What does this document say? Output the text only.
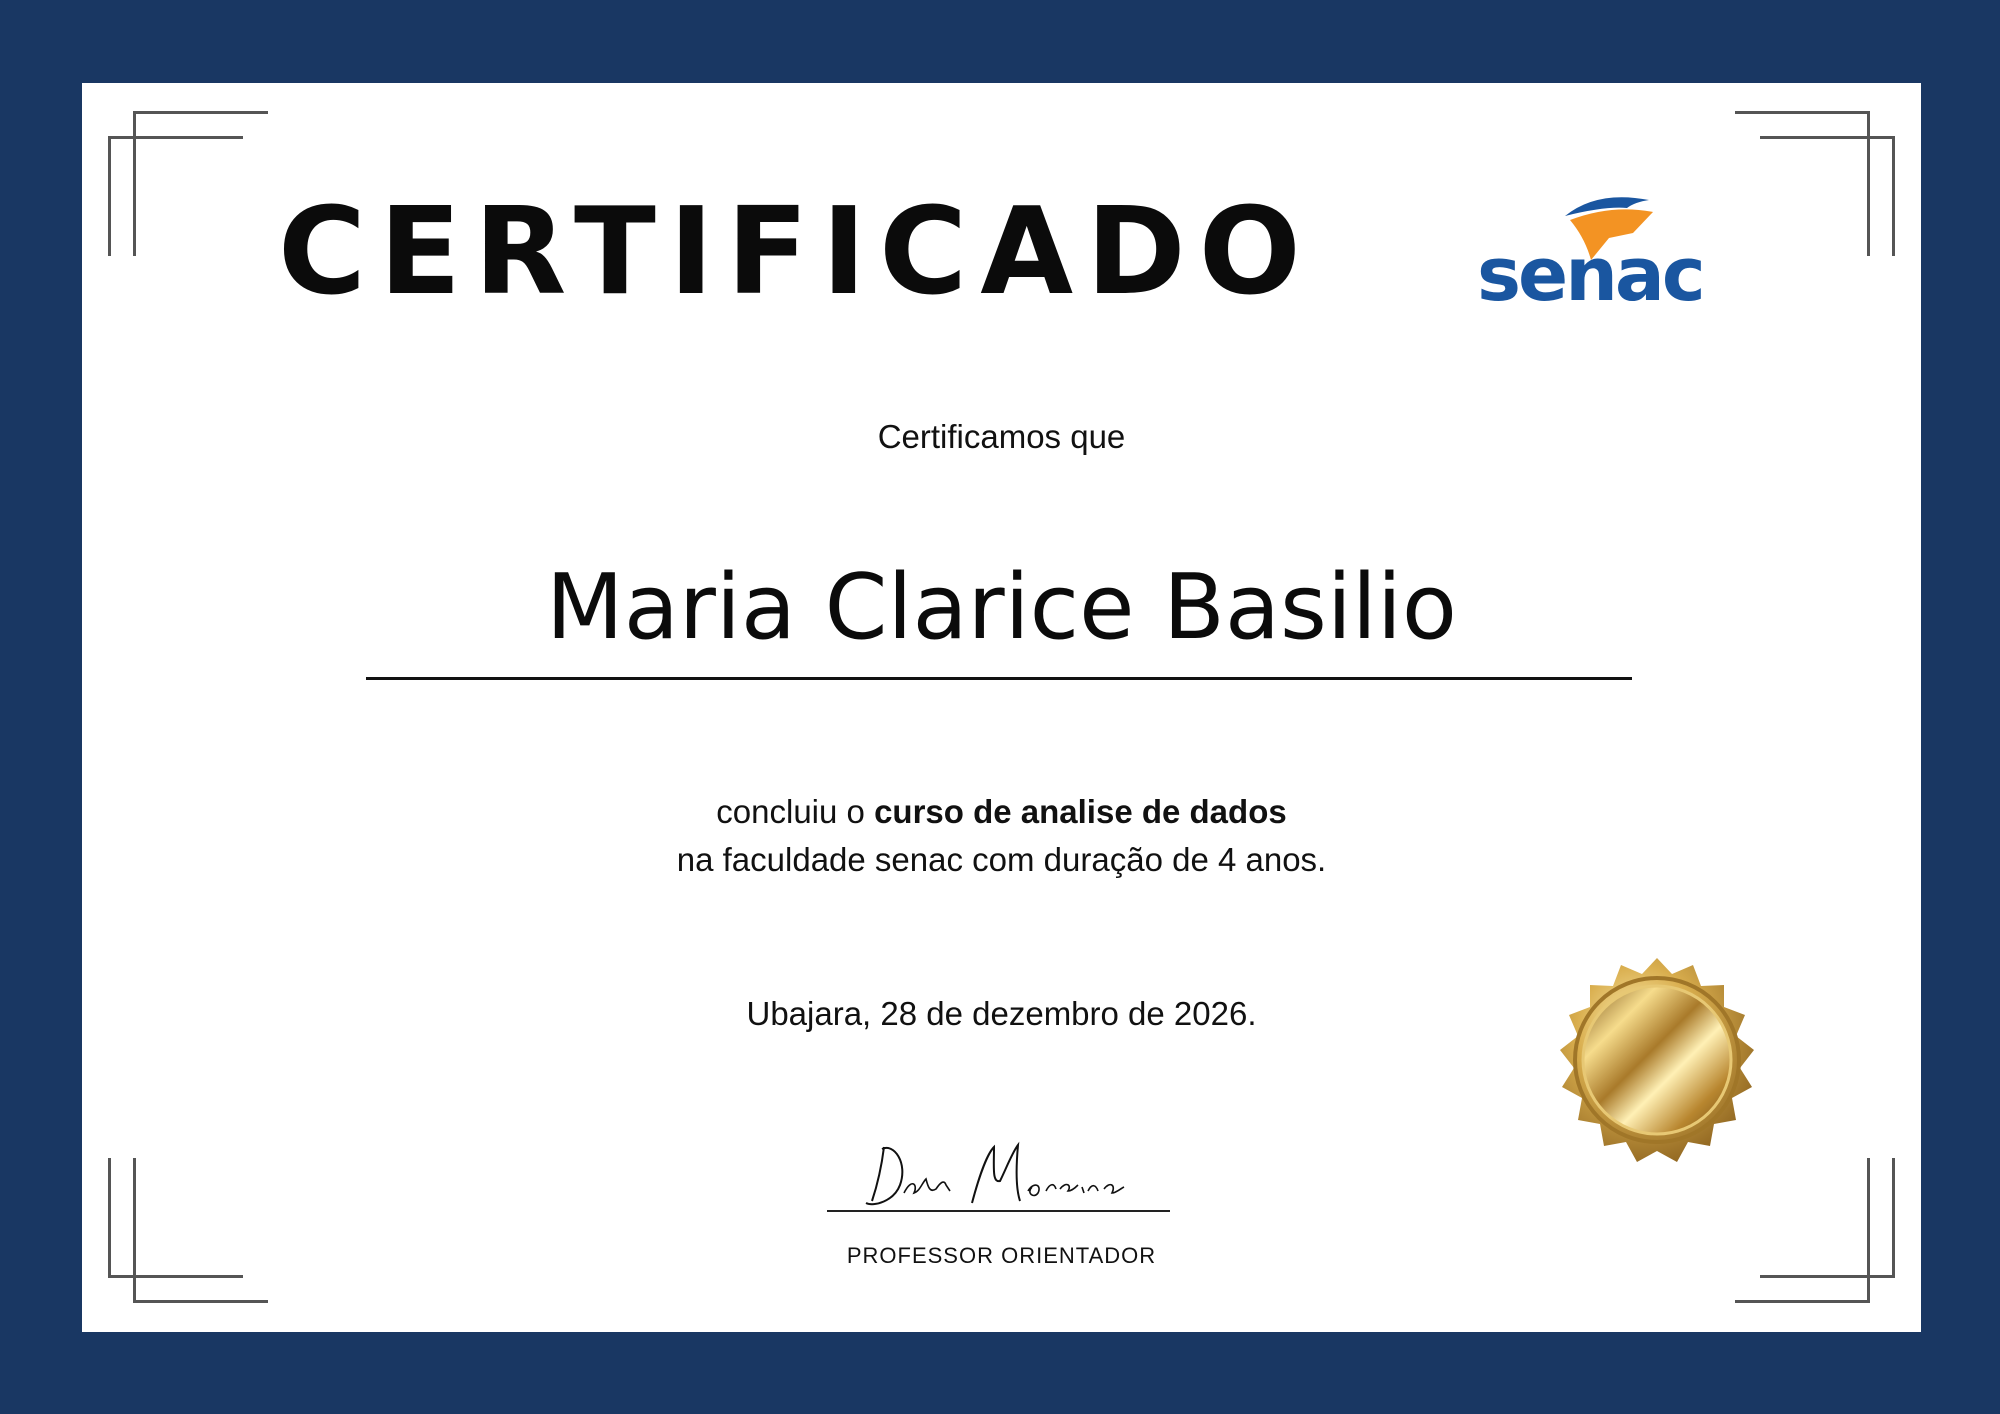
CERTIFICADO	senac
Certificamos que
Maria Clarice Basilio
concluiu o curso de analise de dados
na faculdade senac com duração de 4 anos.
Ubajara, 28 de dezembro de 2026.
PROFESSOR ORIENTADOR
